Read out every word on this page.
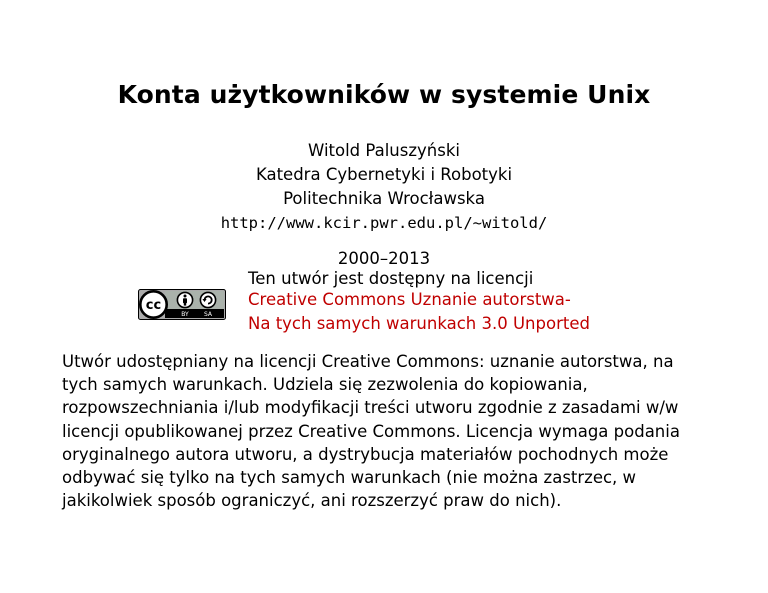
Konta użytkowników w systemie Unix
Witold Paluszyński
Katedra Cybernetyki i Robotyki
Politechnika Wrocławska
http://www.kcir.pwr.edu.pl/~witold/
2000–2013
cc
BY	SA
Ten utwór jest dostępny na licencji
Creative Commons Uznanie autorstwa-
Na tych samych warunkach 3.0 Unported
Utwór udostępniany na licencji Creative Commons: uznanie autorstwa, na tych samych warunkach. Udziela się zezwolenia do kopiowania, rozpowszechniania i/lub modyfikacji treści utworu zgodnie z zasadami w/w licencji opublikowanej przez Creative Commons. Licencja wymaga podania oryginalnego autora utworu, a dystrybucja materiałów pochodnych może odbywać się tylko na tych samych warunkach (nie można zastrzec, w jakikolwiek sposób ograniczyć, ani rozszerzyć praw do nich).
